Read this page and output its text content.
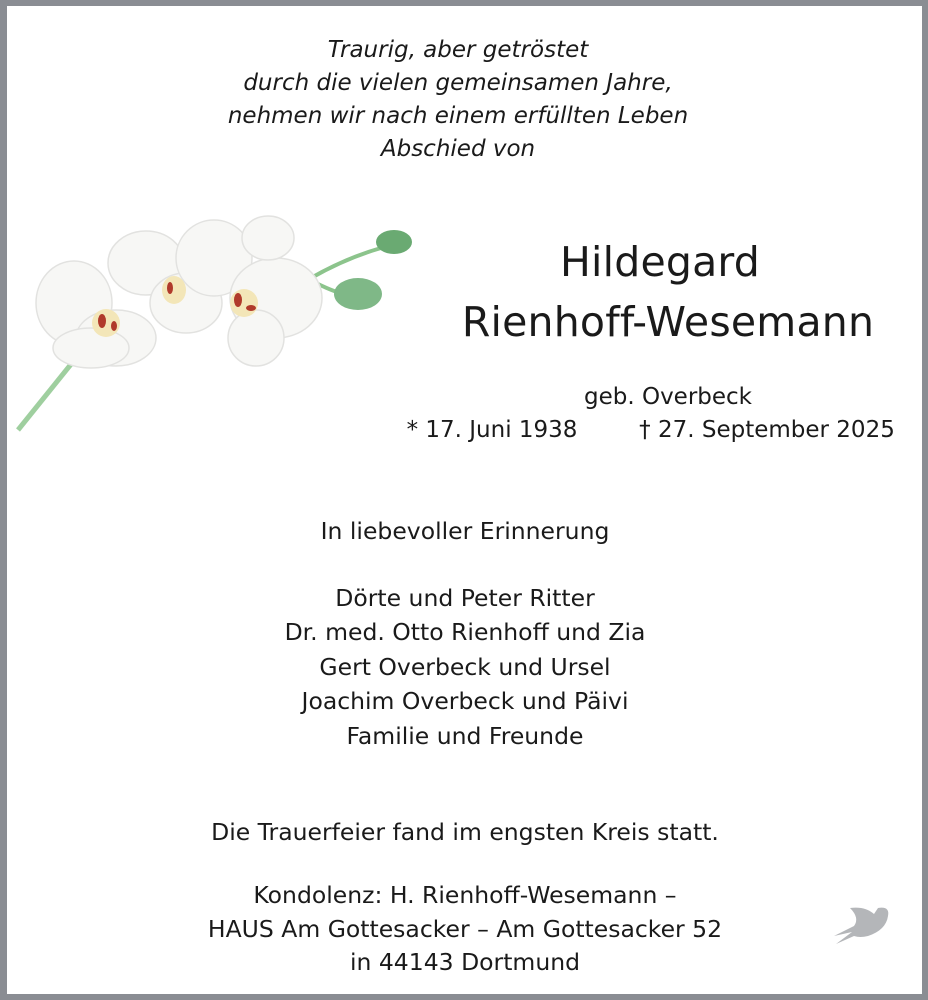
Traurig, aber getröstet
durch die vielen gemeinsamen Jahre,
nehmen wir nach einem erfüllten Leben
Abschied von
Hildegard
Rienhoff-Wesemann
geb. Overbeck
* 17. Juni 1938	† 27. September 2025
In liebevoller Erinnerung
Dörte und Peter Ritter
Dr. med. Otto Rienhoff und Zia
Gert Overbeck und Ursel
Joachim Overbeck und Päivi
Familie und Freunde
Die Trauerfeier fand im engsten Kreis statt.
Kondolenz: H. Rienhoff-Wesemann –
HAUS Am Gottesacker – Am Gottesacker 52
in 44143 Dortmund
